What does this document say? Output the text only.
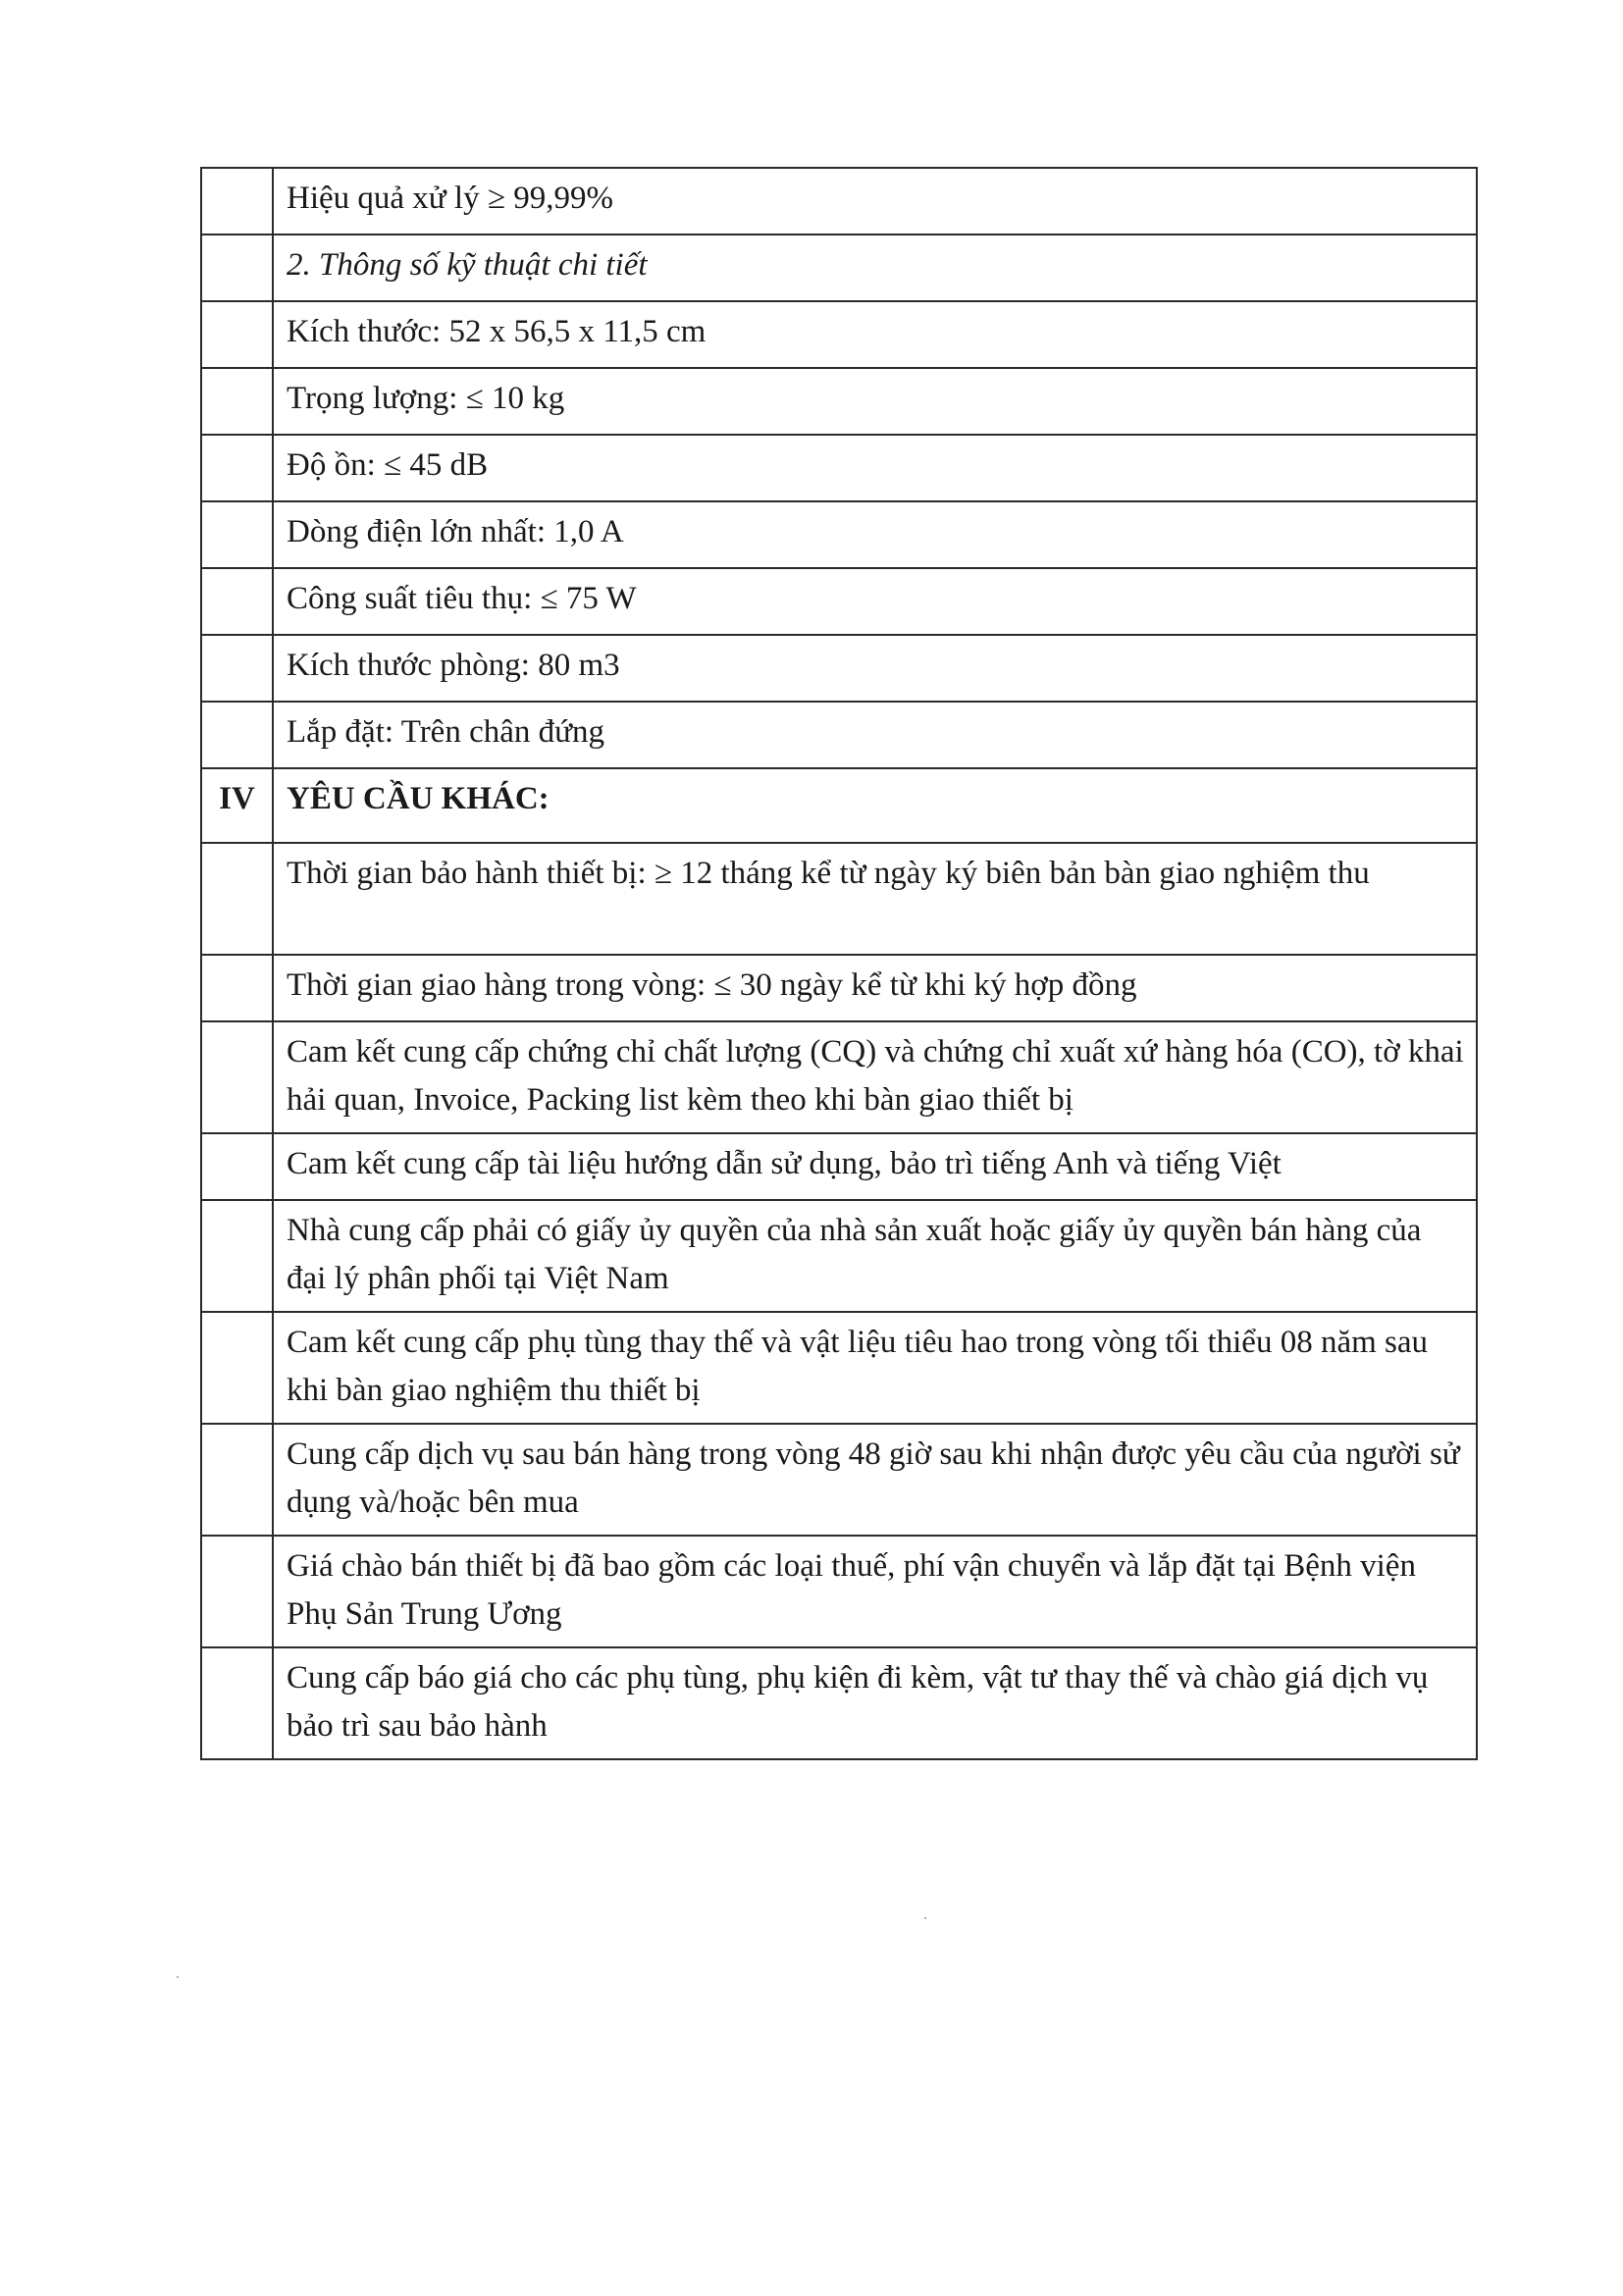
	Hiệu quả xử lý ≥ 99,99%
	2. Thông số kỹ thuật chi tiết
	Kích thước: 52 x 56,5 x 11,5 cm
	Trọng lượng: ≤ 10 kg
	Độ ồn: ≤ 45 dB
	Dòng điện lớn nhất: 1,0 A
	Công suất tiêu thụ: ≤ 75 W
	Kích thước phòng: 80 m3
	Lắp đặt: Trên chân đứng
IV	YÊU CẦU KHÁC:
	Thời gian bảo hành thiết bị: ≥ 12 tháng kể từ ngày ký biên bản bàn giao nghiệm thu
	Thời gian giao hàng trong vòng: ≤ 30 ngày kể từ khi ký hợp đồng
	Cam kết cung cấp chứng chỉ chất lượng (CQ) và chứng chỉ xuất xứ hàng hóa (CO), tờ khai hải quan, Invoice, Packing list kèm theo khi bàn giao thiết bị
	Cam kết cung cấp tài liệu hướng dẫn sử dụng, bảo trì tiếng Anh và tiếng Việt
	Nhà cung cấp phải có giấy ủy quyền của nhà sản xuất hoặc giấy ủy quyền bán hàng của đại lý phân phối tại Việt Nam
	Cam kết cung cấp phụ tùng thay thế và vật liệu tiêu hao trong vòng tối thiểu 08 năm sau khi bàn giao nghiệm thu thiết bị
	Cung cấp dịch vụ sau bán hàng trong vòng 48 giờ sau khi nhận được yêu cầu của người sử dụng và/hoặc bên mua
	Giá chào bán thiết bị đã bao gồm các loại thuế, phí vận chuyển và lắp đặt tại Bệnh viện Phụ Sản Trung Ương
	Cung cấp báo giá cho các phụ tùng, phụ kiện đi kèm, vật tư thay thế và chào giá dịch vụ bảo trì sau bảo hành
